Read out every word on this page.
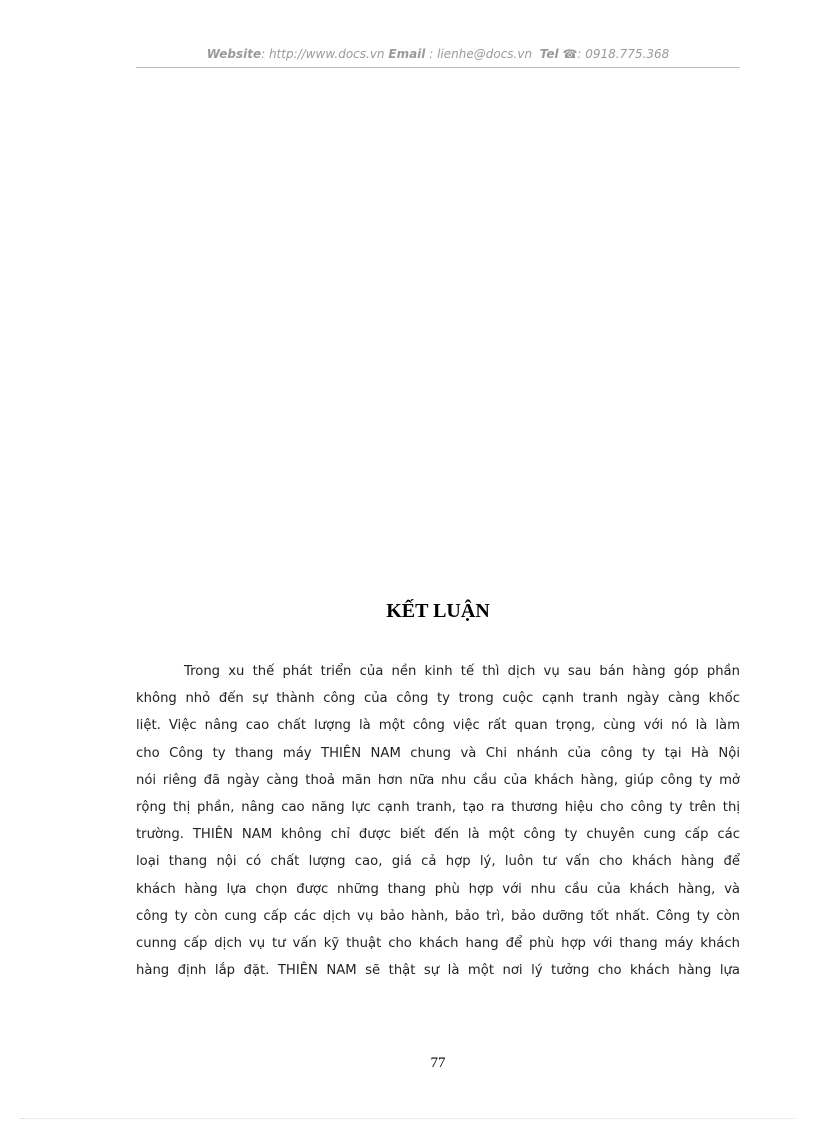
Website: http://www.docs.vn Email : lienhe@docs.vn Tel ☎: 0918.775.368
KẾT LUẬN
Trong xu thế phát triển của nền kinh tế thì dịch vụ sau bán hàng góp phần
không nhỏ đến sự thành công của công ty trong cuộc cạnh tranh ngày càng khốc
liệt. Việc nâng cao chất lượng là một công việc rất quan trọng, cùng với nó là làm
cho Công ty thang máy THIÊN NAM chung và Chi nhánh của công ty tại Hà Nội
nói riêng đã ngày càng thoả mãn hơn nữa nhu cầu của khách hàng, giúp công ty mở
rộng thị phần, nâng cao năng lực cạnh tranh, tạo ra thương hiệu cho công ty trên thị
trường. THIÊN NAM không chỉ được biết đến là một công ty chuyên cung cấp các
loại thang nội có chất lượng cao, giá cả hợp lý, luôn tư vấn cho khách hàng để
khách hàng lựa chọn được những thang phù hợp với nhu cầu của khách hàng, và
công ty còn cung cấp các dịch vụ bảo hành, bảo trì, bảo dưỡng tốt nhất. Công ty còn
cunng cấp dịch vụ tư vấn kỹ thuật cho khách hang để phù hợp với thang máy khách
hàng định lắp đặt. THIÊN NAM sẽ thật sự là một nơi lý tưởng cho khách hàng lựa
77
